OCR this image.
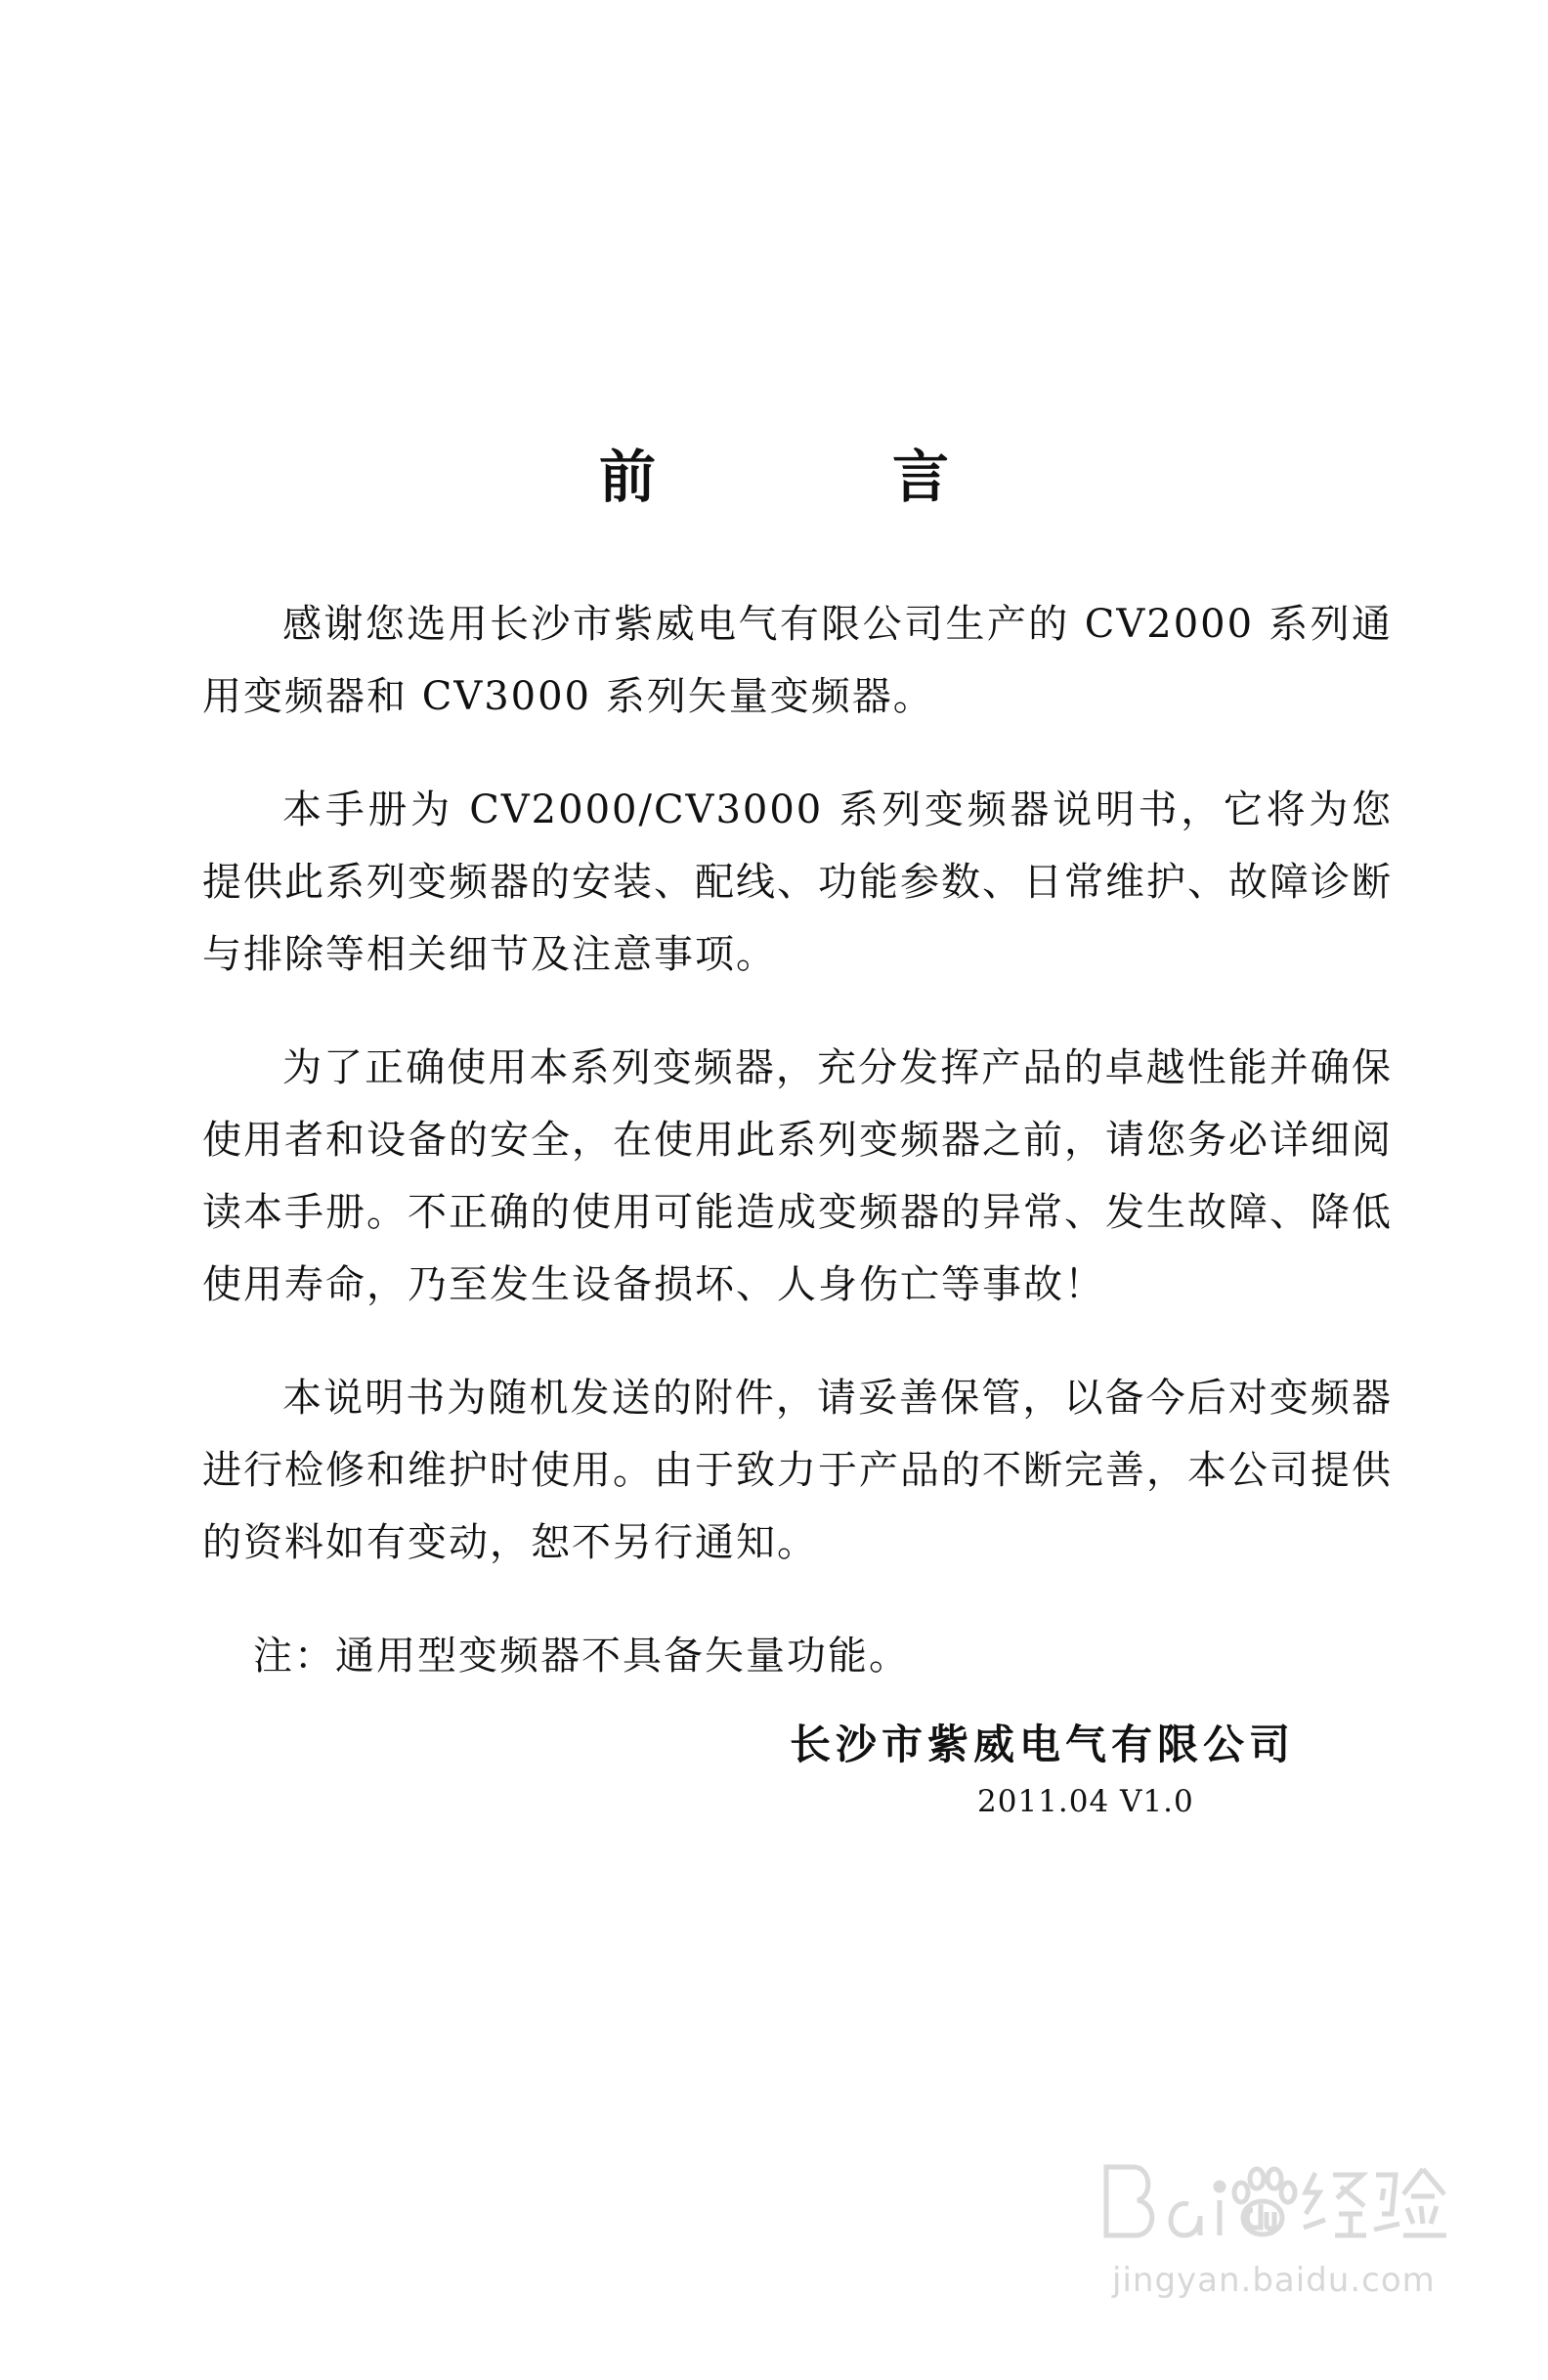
前　言

感谢您选用长沙市紫威电气有限公司生产的 CV2000 系列通用变频器和 CV3000 系列矢量变频器。

本手册为 CV2000/CV3000 系列变频器说明书，它将为您提供此系列变频器的安装、配线、功能参数、日常维护、故障诊断与排除等相关细节及注意事项。

为了正确使用本系列变频器，充分发挥产品的卓越性能并确保使用者和设备的安全，在使用此系列变频器之前，请您务必详细阅读本手册。不正确的使用可能造成变频器的异常、发生故障、降低使用寿命，乃至发生设备损坏、人身伤亡等事故！

本说明书为随机发送的附件，请妥善保管，以备今后对变频器进行检修和维护时使用。由于致力于产品的不断完善，本公司提供的资料如有变动，恕不另行通知。

注：通用型变频器不具备矢量功能。

长沙市紫威电气有限公司
2011.04 V1.0
jingyan.baidu.com
